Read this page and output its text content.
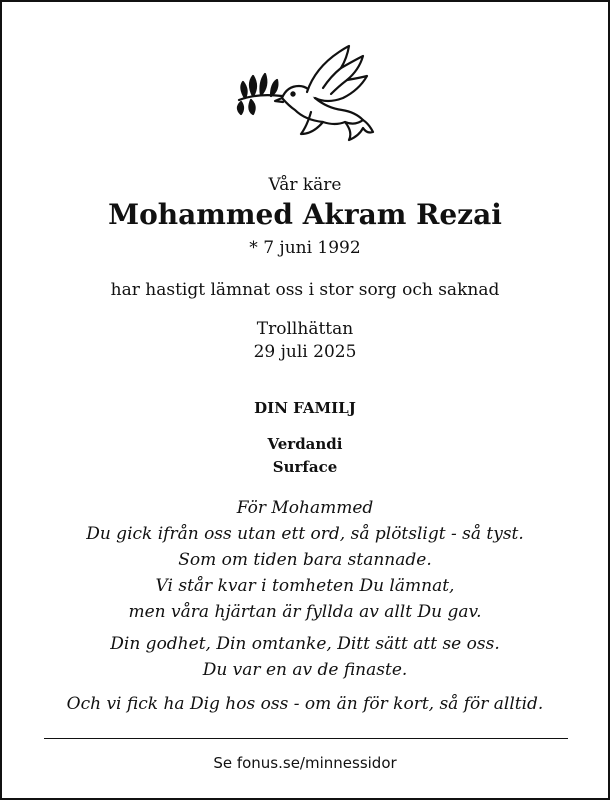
Vår käre
Mohammed Akram Rezai
* 7 juni 1992
har hastigt lämnat oss i stor sorg och saknad
Trollhättan
29 juli 2025
DIN FAMILJ
Verdandi
Surface
För Mohammed
Du gick ifrån oss utan ett ord, så plötsligt - så tyst.
Som om tiden bara stannade.
Vi står kvar i tomheten Du lämnat,
men våra hjärtan är fyllda av allt Du gav.
Din godhet, Din omtanke, Ditt sätt att se oss.
Du var en av de finaste.
Och vi fick ha Dig hos oss - om än för kort, så för alltid.
Se fonus.se/minnessidor
